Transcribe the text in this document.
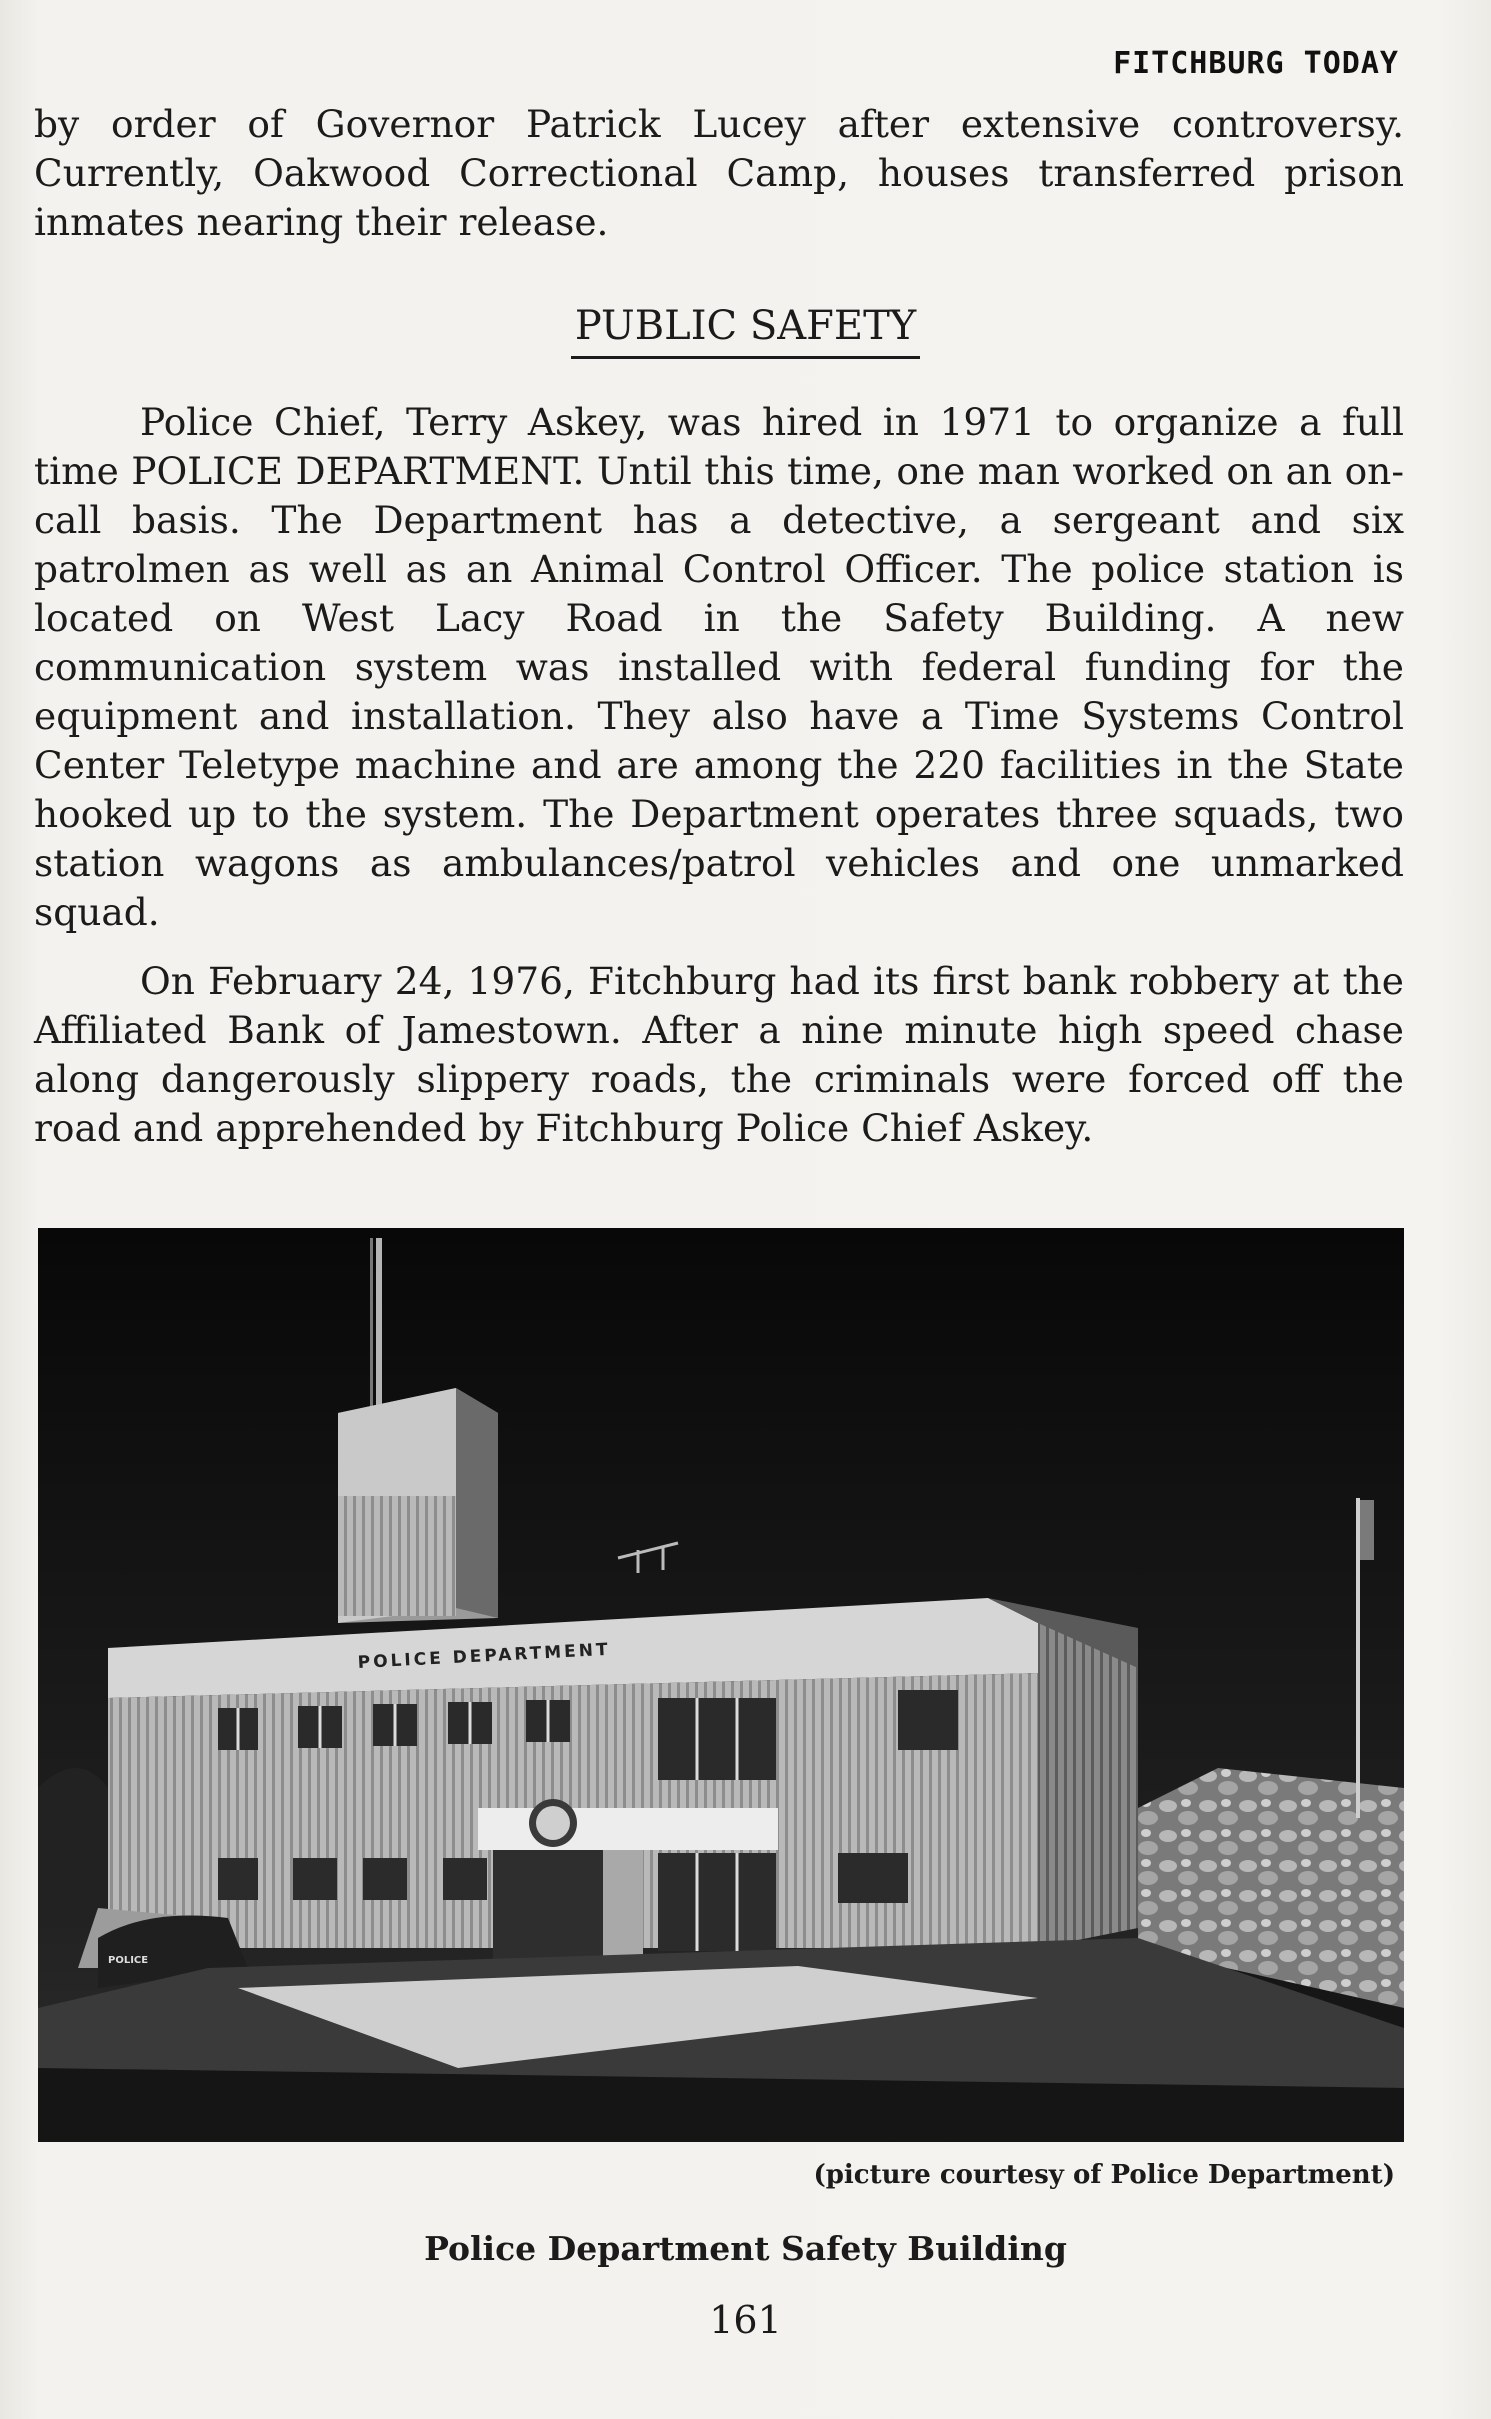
FITCHBURG TODAY
by order of Governor Patrick Lucey after extensive controversy. Currently, Oakwood Correctional Camp, houses transferred prison inmates nearing their release.
PUBLIC SAFETY
Police Chief, Terry Askey, was hired in 1971 to organize a full time POLICE DEPARTMENT. Until this time, one man worked on an on-call basis. The Department has a detective, a sergeant and six patrolmen as well as an Animal Control Officer. The police station is located on West Lacy Road in the Safety Building. A new communication system was installed with federal funding for the equipment and installation. They also have a Time Systems Control Center Teletype machine and are among the 220 facilities in the State hooked up to the system. The Department operates three squads, two station wagons as ambulances/patrol vehicles and one unmarked squad.
On February 24, 1976, Fitchburg had its first bank robbery at the Affiliated Bank of Jamestown. After a nine minute high speed chase along dangerously slippery roads, the criminals were forced off the road and apprehended by Fitchburg Police Chief Askey.
POLICE DEPARTMENT
POLICE
(picture courtesy of Police Department)
Police Department Safety Building
161
